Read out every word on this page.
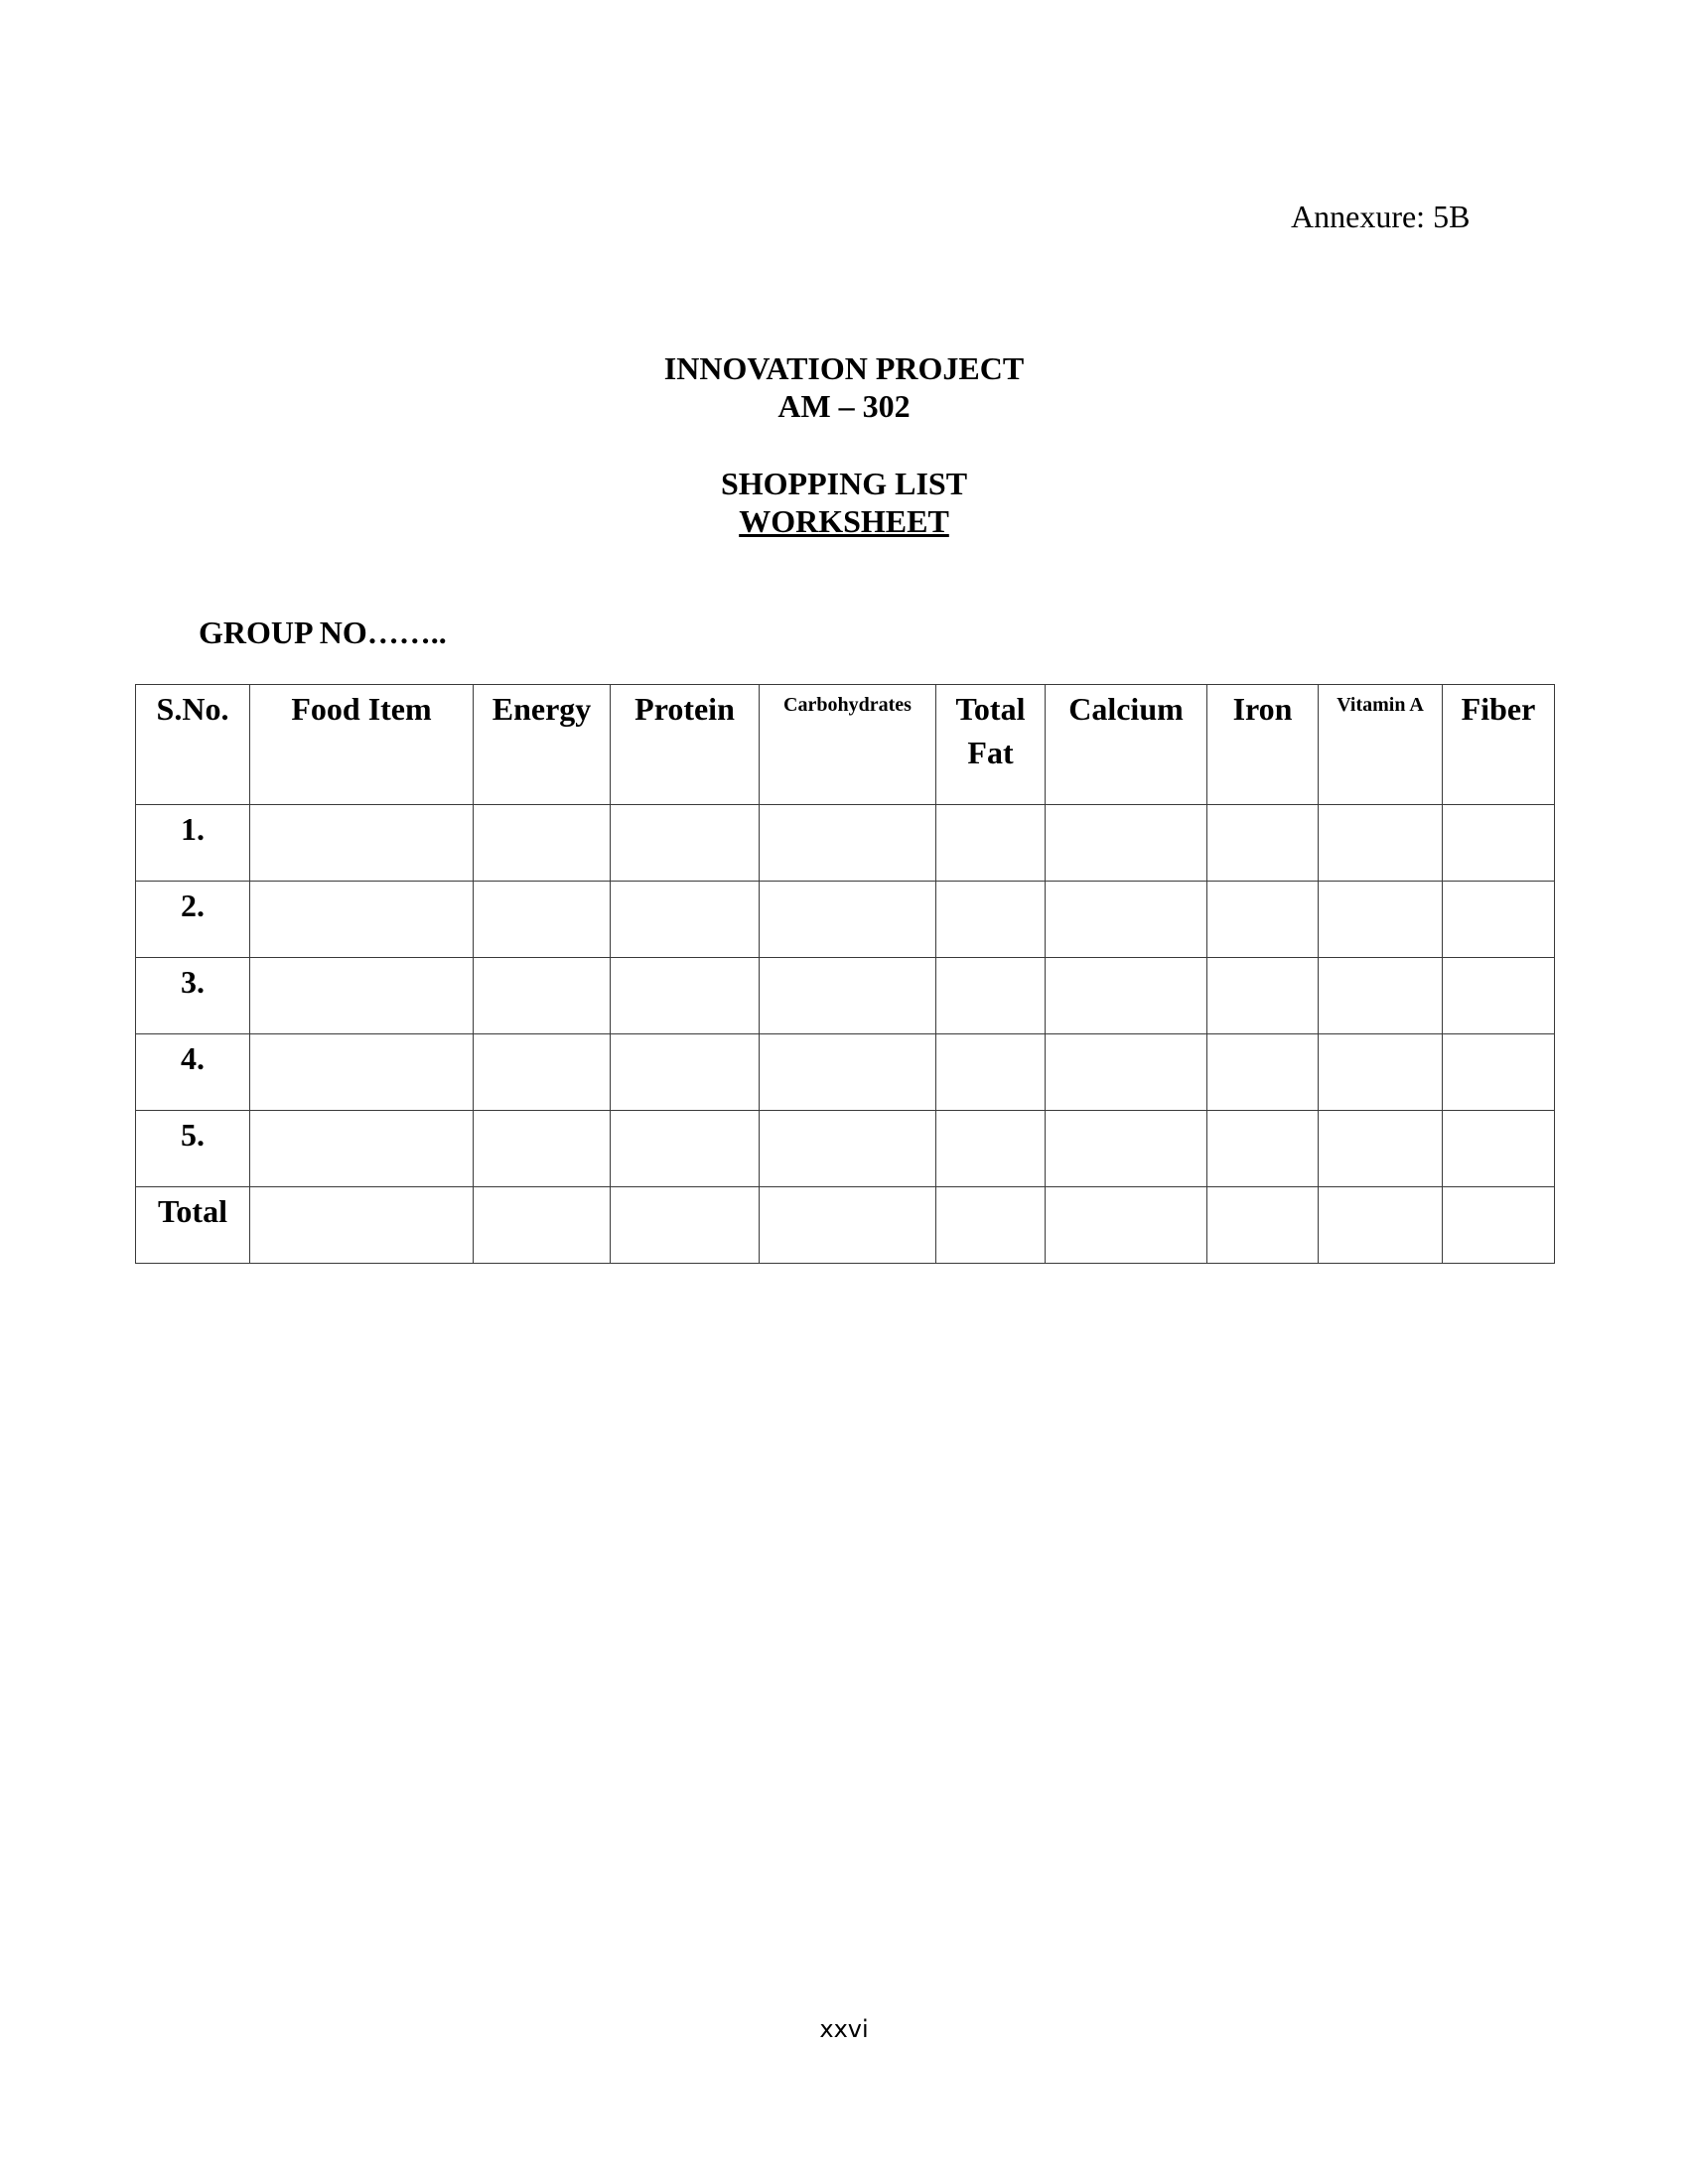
Annexure: 5B
INNOVATION PROJECT
AM – 302
SHOPPING LIST
WORKSHEET
GROUP NO……..
S.No.	Food Item	Energy	Protein	Carbohydrates	Total Fat	Calcium	Iron	Vitamin A	Fiber
1.									
2.									
3.									
4.									
5.									
Total									
xxvi
